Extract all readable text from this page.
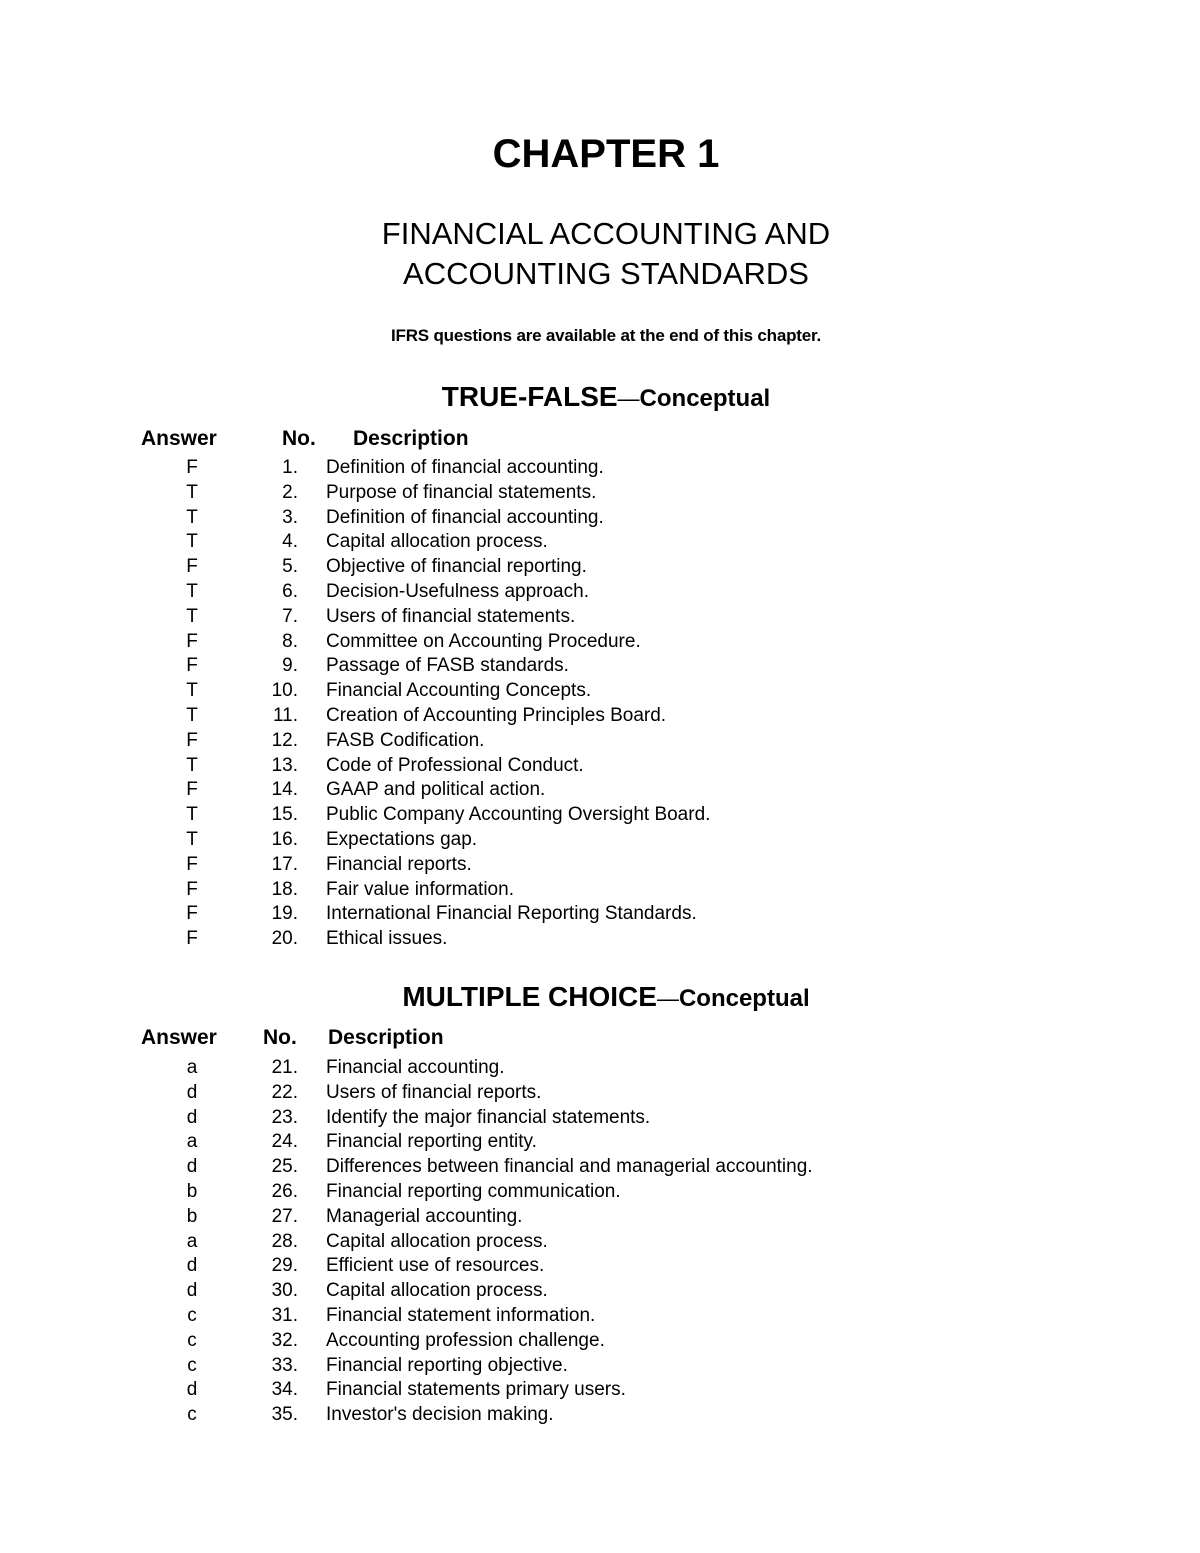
CHAPTER 1
FINANCIAL ACCOUNTING AND
ACCOUNTING STANDARDS
IFRS questions are available at the end of this chapter.
TRUE-FALSE—Conceptual
Answer	No. Description
F	1. Definition of financial accounting.
T	2. Purpose of financial statements.
T	3. Definition of financial accounting.
T	4. Capital allocation process.
F	5. Objective of financial reporting.
T	6. Decision-Usefulness approach.
T	7. Users of financial statements.
F	8. Committee on Accounting Procedure.
F	9. Passage of FASB standards.
T	10. Financial Accounting Concepts.
T	11. Creation of Accounting Principles Board.
F	12. FASB Codification.
T	13. Code of Professional Conduct.
F	14. GAAP and political action.
T	15. Public Company Accounting Oversight Board.
T	16. Expectations gap.
F	17. Financial reports.
F	18. Fair value information.
F	19. International Financial Reporting Standards.
F	20. Ethical issues.
MULTIPLE CHOICE—Conceptual
Answer No. Description
a	21. Financial accounting.
d	22. Users of financial reports.
d	23. Identify the major financial statements.
a	24. Financial reporting entity.
d	25. Differences between financial and managerial accounting.
b	26. Financial reporting communication.
b	27. Managerial accounting.
a	28. Capital allocation process.
d	29. Efficient use of resources.
d	30. Capital allocation process.
c	31. Financial statement information.
c	32. Accounting profession challenge.
c	33. Financial reporting objective.
d	34. Financial statements primary users.
c	35. Investor's decision making.
